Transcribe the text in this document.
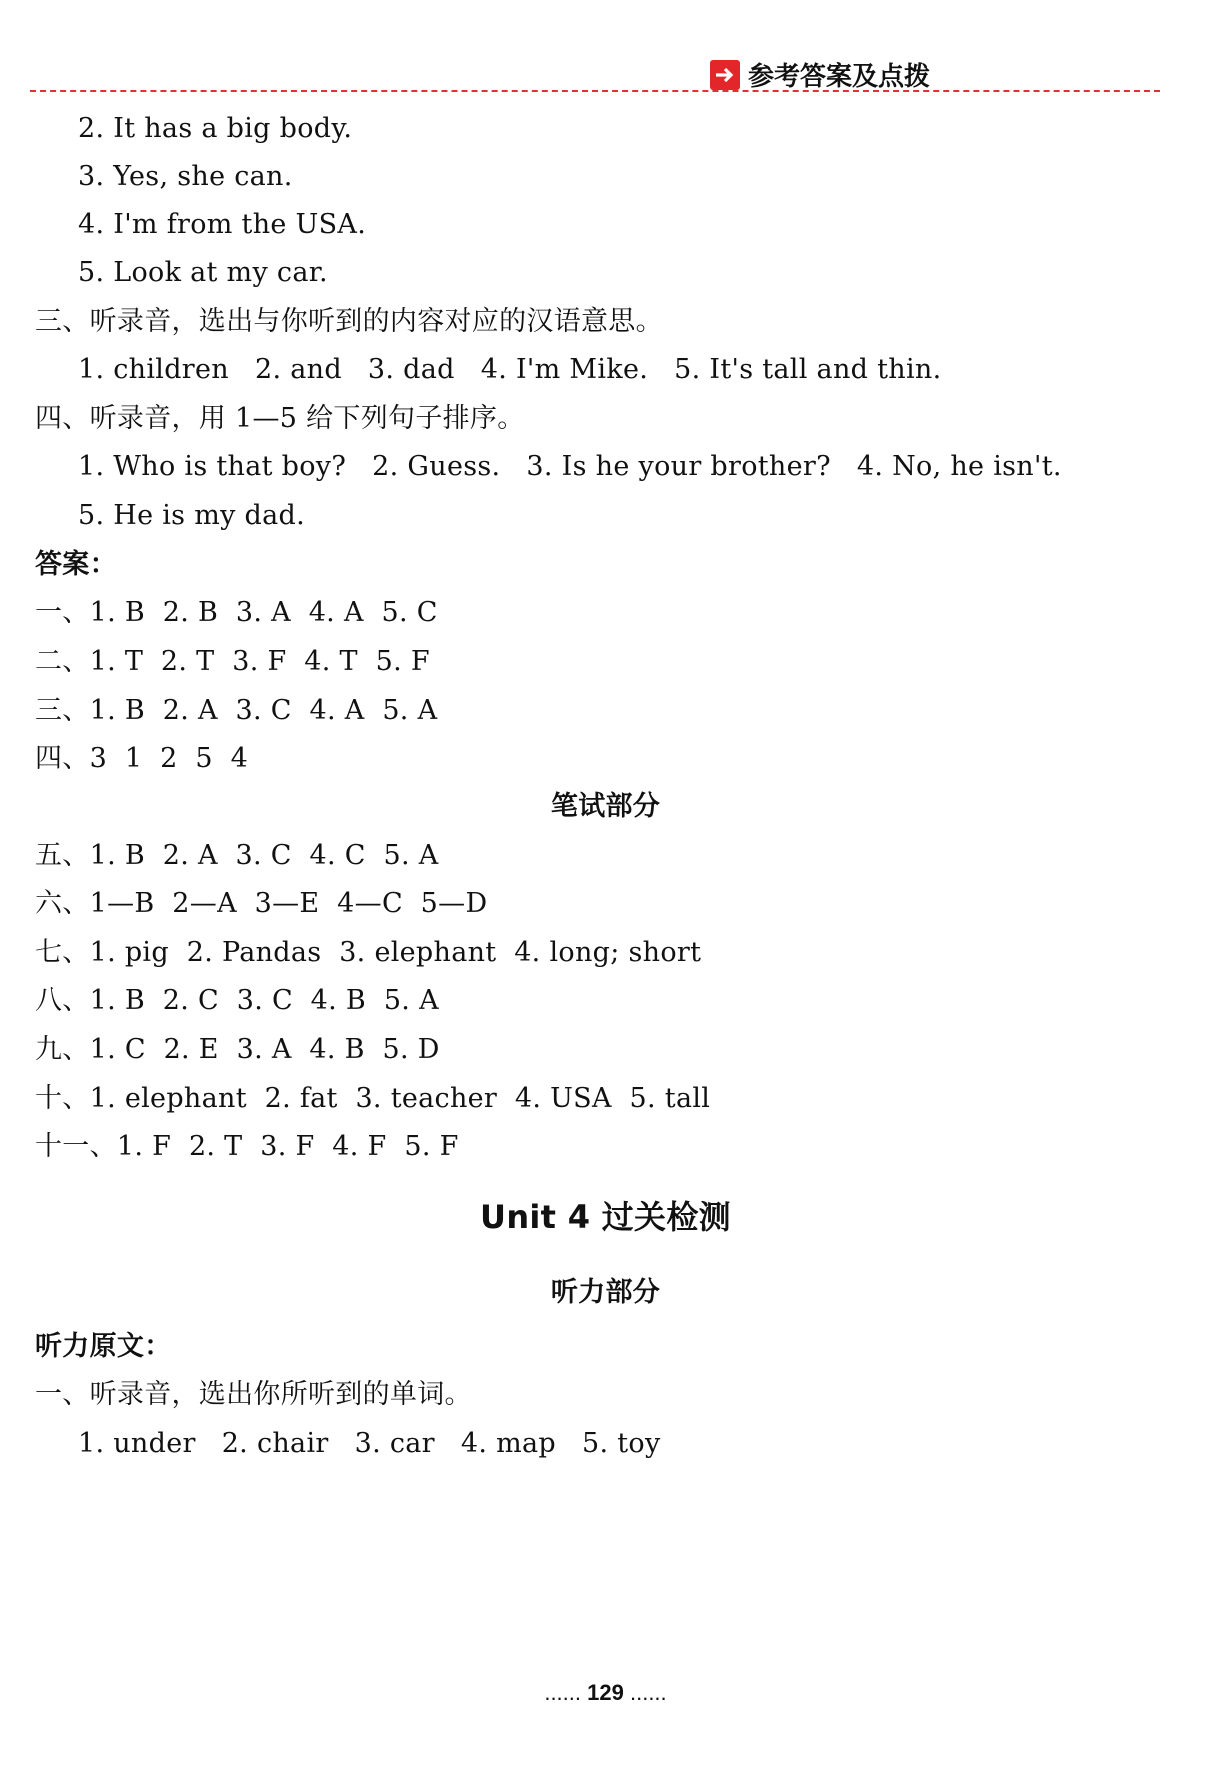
参考答案及点拨
2. It has a big body.
3. Yes, she can.
4. I'm from the USA.
5. Look at my car.
三、听录音，选出与你听到的内容对应的汉语意思。
1. children 2. and 3. dad 4. I'm Mike. 5. It's tall and thin.
四、听录音，用 1—5 给下列句子排序。
1. Who is that boy? 2. Guess. 3. Is he your brother? 4. No, he isn't.
5. He is my dad.
答案：
一、1. B  2. B  3. A  4. A  5. C
二、1. T  2. T  3. F  4. T  5. F
三、1. B  2. A  3. C  4. A  5. A
四、3  1  2  5  4
笔试部分
五、1. B  2. A  3. C  4. C  5. A
六、1—B  2—A  3—E  4—C  5—D
七、1. pig  2. Pandas  3. elephant  4. long; short
八、1. B  2. C  3. C  4. B  5. A
九、1. C  2. E  3. A  4. B  5. D
十、1. elephant  2. fat  3. teacher  4. USA  5. tall
十一、1. F  2. T  3. F  4. F  5. F
Unit 4 过关检测
听力部分
听力原文：
一、听录音，选出你所听到的单词。
1. under 2. chair 3. car 4. map 5. toy
...... 129 ......
